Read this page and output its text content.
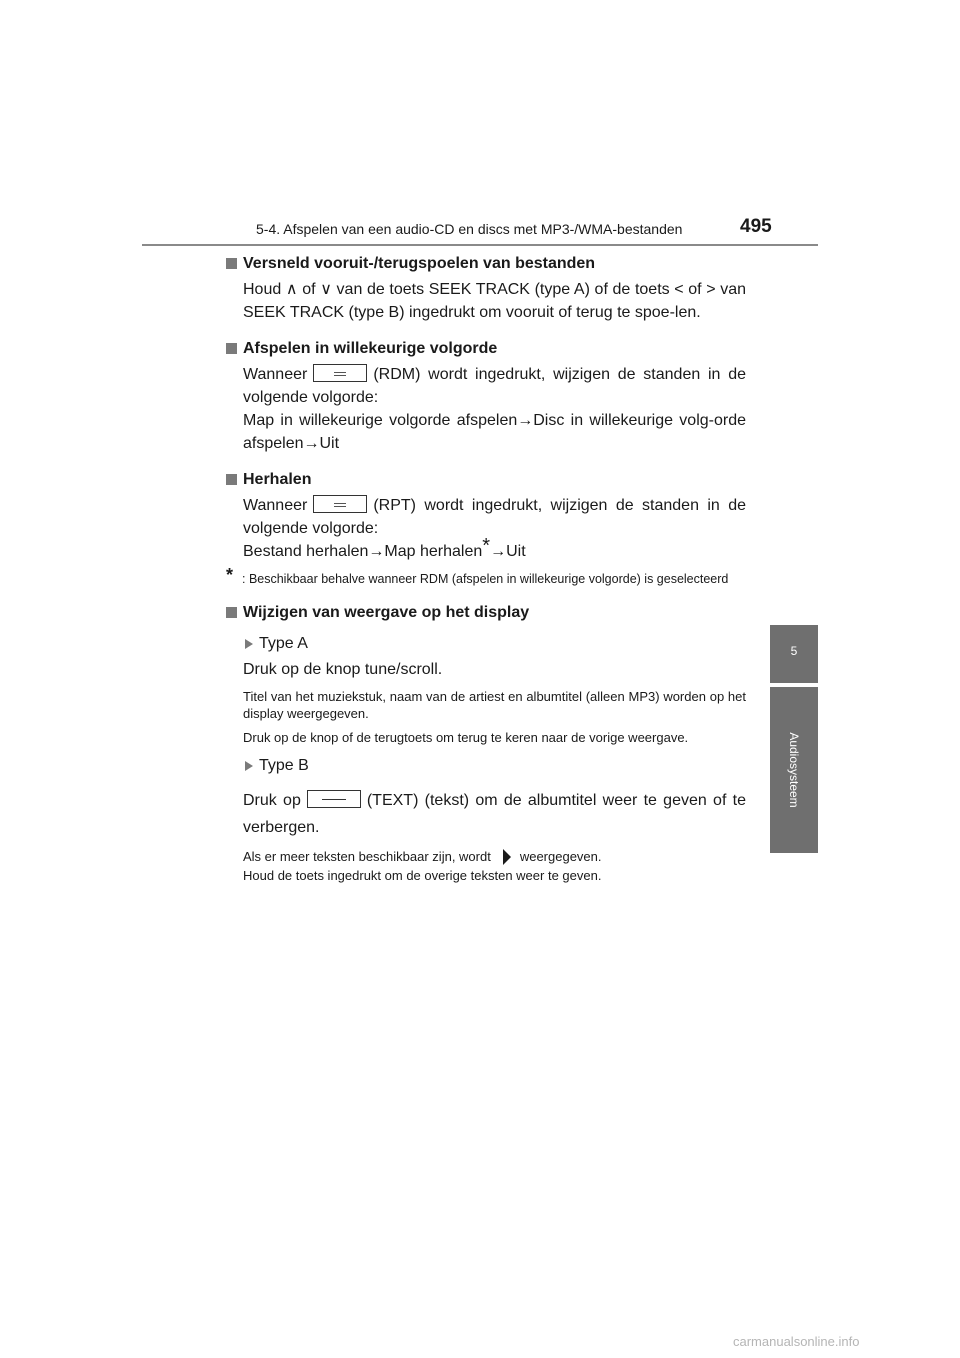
5-4. Afspelen van een audio-CD en discs met MP3-/WMA-bestanden	495
5
Audiosysteem
Versneld vooruit-/terugspoelen van bestanden
Houd ∧ of ∨ van de toets SEEK TRACK (type A) of de toets < of > van SEEK TRACK (type B) ingedrukt om vooruit of terug te spoe-len.
Afspelen in willekeurige volgorde
Wanneer	(RDM) wordt ingedrukt, wijzigen de standen in de volgende volgorde:
Map in willekeurige volgorde afspelen→Disc in willekeurige volg-orde afspelen→Uit
Herhalen
Wanneer	(RPT) wordt ingedrukt, wijzigen de standen in de volgende volgorde:
Bestand herhalen→Map herhalen*→Uit
* : Beschikbaar behalve wanneer RDM (afspelen in willekeurige volgorde) is geselecteerd
Wijzigen van weergave op het display
Type A
Druk op de knop tune/scroll.
Titel van het muziekstuk, naam van de artiest en albumtitel (alleen MP3) worden op het display weergegeven.
Druk op de knop of de terugtoets om terug te keren naar de vorige weergave.
Type B
Druk op	(TEXT) (tekst) om de albumtitel weer te geven of te verbergen.
Als er meer teksten beschikbaar zijn, wordt weergegeven.
Houd de toets ingedrukt om de overige teksten weer te geven.
carmanualsonline.info
